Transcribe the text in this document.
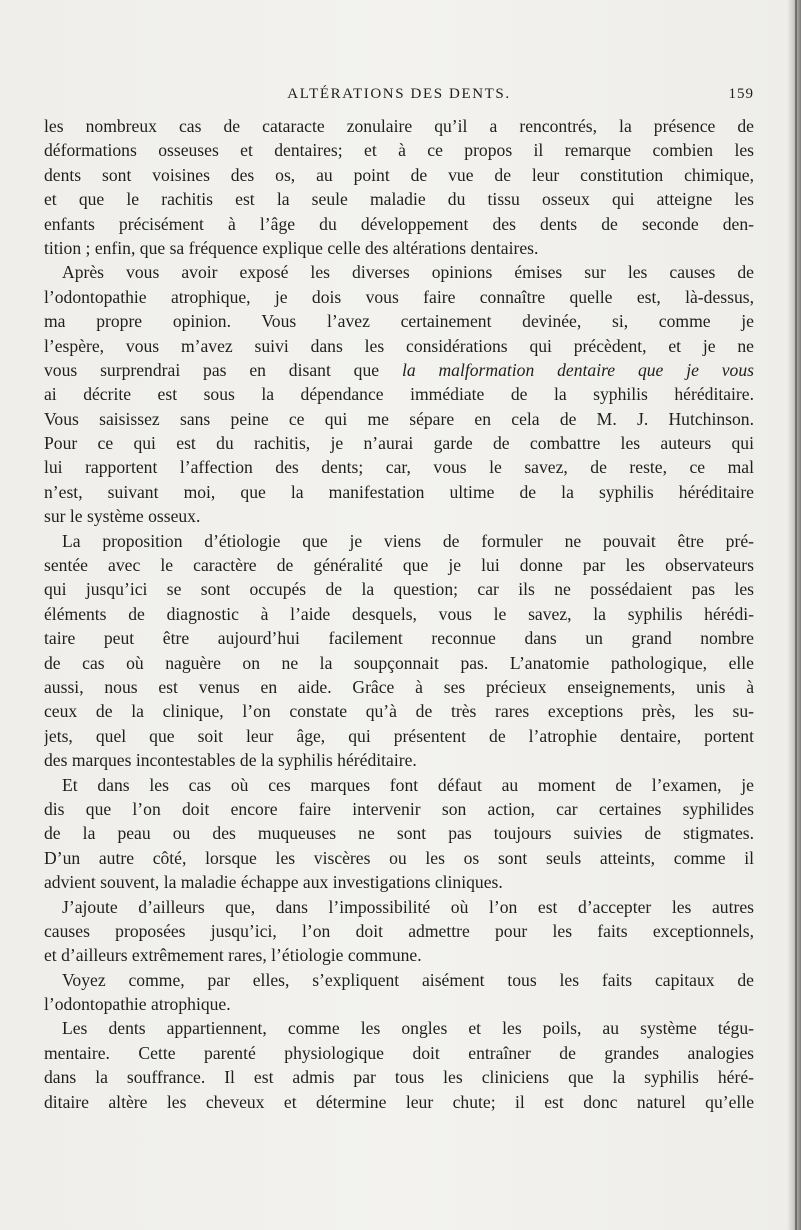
ALTÉRATIONS DES DENTS.	159
les nombreux cas de cataracte zonulaire qu’il a rencontrés, la présence de
déformations osseuses et dentaires; et à ce propos il remarque combien les
dents sont voisines des os, au point de vue de leur constitution chimique,
et que le rachitis est la seule maladie du tissu osseux qui atteigne les
enfants précisément à l’âge du développement des dents de seconde den-
tition ; enfin, que sa fréquence explique celle des altérations dentaires.
Après vous avoir exposé les diverses opinions émises sur les causes de
l’odontopathie atrophique, je dois vous faire connaître quelle est, là-dessus,
ma propre opinion. Vous l’avez certainement devinée, si, comme je
l’espère, vous m’avez suivi dans les considérations qui précèdent, et je ne
vous surprendrai pas en disant que la malformation dentaire que je vous
ai décrite est sous la dépendance immédiate de la syphilis héréditaire.
Vous saisissez sans peine ce qui me sépare en cela de M. J. Hutchinson.
Pour ce qui est du rachitis, je n’aurai garde de combattre les auteurs qui
lui rapportent l’affection des dents; car, vous le savez, de reste, ce mal
n’est, suivant moi, que la manifestation ultime de la syphilis héréditaire
sur le système osseux.
La proposition d’étiologie que je viens de formuler ne pouvait être pré-
sentée avec le caractère de généralité que je lui donne par les observateurs
qui jusqu’ici se sont occupés de la question; car ils ne possédaient pas les
éléments de diagnostic à l’aide desquels, vous le savez, la syphilis hérédi-
taire peut être aujourd’hui facilement reconnue dans un grand nombre
de cas où naguère on ne la soupçonnait pas. L’anatomie pathologique, elle
aussi, nous est venus en aide. Grâce à ses précieux enseignements, unis à
ceux de la clinique, l’on constate qu’à de très rares exceptions près, les su-
jets, quel que soit leur âge, qui présentent de l’atrophie dentaire, portent
des marques incontestables de la syphilis héréditaire.
Et dans les cas où ces marques font défaut au moment de l’examen, je
dis que l’on doit encore faire intervenir son action, car certaines syphilides
de la peau ou des muqueuses ne sont pas toujours suivies de stigmates.
D’un autre côté, lorsque les viscères ou les os sont seuls atteints, comme il
advient souvent, la maladie échappe aux investigations cliniques.
J’ajoute d’ailleurs que, dans l’impossibilité où l’on est d’accepter les autres
causes proposées jusqu’ici, l’on doit admettre pour les faits exceptionnels,
et d’ailleurs extrêmement rares, l’étiologie commune.
Voyez comme, par elles, s’expliquent aisément tous les faits capitaux de
l’odontopathie atrophique.
Les dents appartiennent, comme les ongles et les poils, au système tégu-
mentaire. Cette parenté physiologique doit entraîner de grandes analogies
dans la souffrance. Il est admis par tous les cliniciens que la syphilis héré-
ditaire altère les cheveux et détermine leur chute; il est donc naturel qu’elle
